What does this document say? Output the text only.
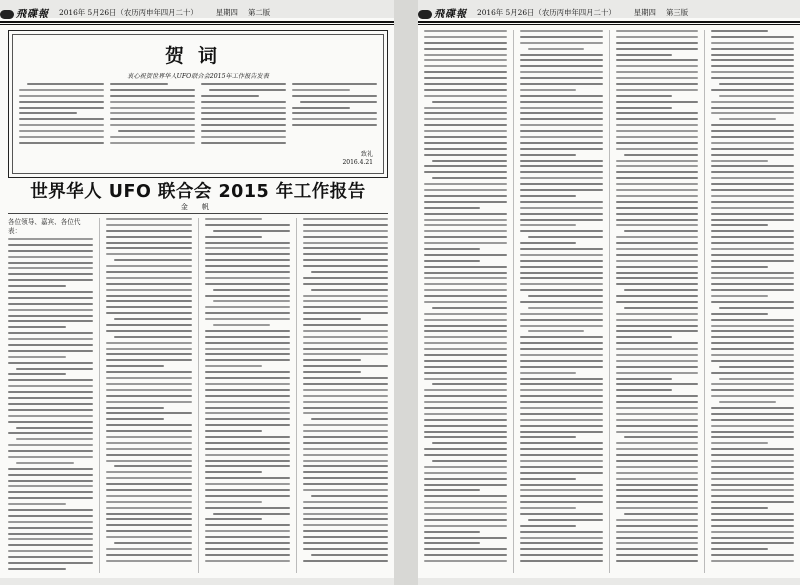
飛碟報 2016年 5月26日（农历丙申年四月二十） 星期四 第二版
贺词
衷心祝贺世界华人UFO联合会2015年工作报告发表
致礼
2016.4.21
世界华人 UFO 联合会 2015 年工作报告
金 帆
各位领导、嘉宾、各位代表：
飛碟報 2016年 5月26日（农历丙申年四月二十） 星期四 第三版
